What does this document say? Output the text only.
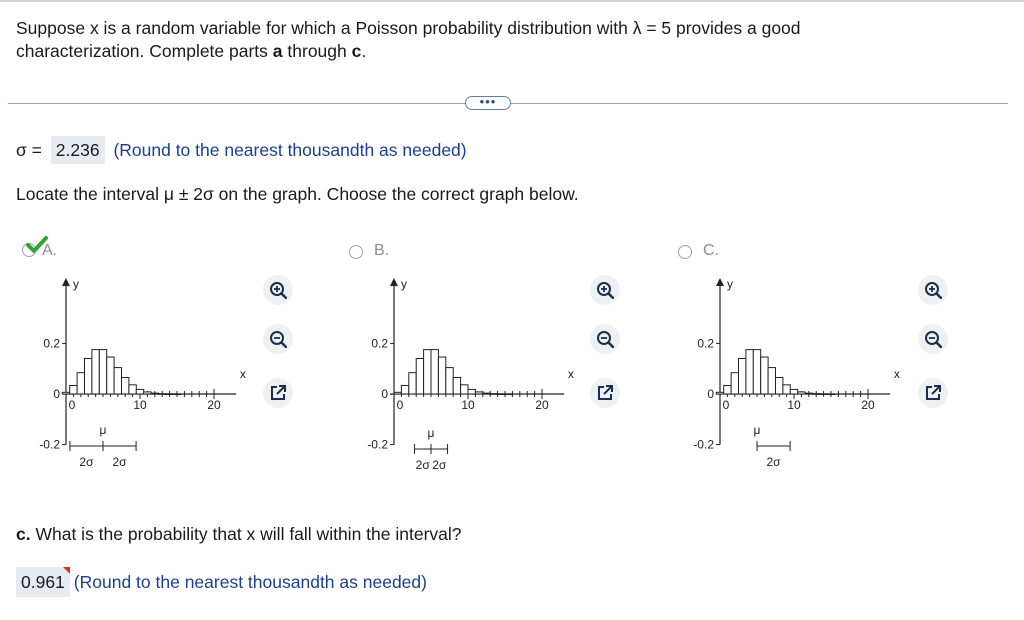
Suppose x is a random variable for which a Poisson probability distribution with λ = 5 provides a good characterization. Complete parts a through c.
•••
σ = 2.236 (Round to the nearest thousandth as needed)
Locate the interval μ ± 2σ on the graph. Choose the correct graph below.
A.	B.	C.
y
x
0.2
0
-0.2
0	10	20
μ
2σ 2σ
y
x
0.2
0
-0.2
0	10	20
μ
2σ 2σ
y
x
0.2
0
-0.2
0	10	20
μ
2σ
c. What is the probability that x will fall within the interval?
0.961 (Round to the nearest thousandth as needed)
